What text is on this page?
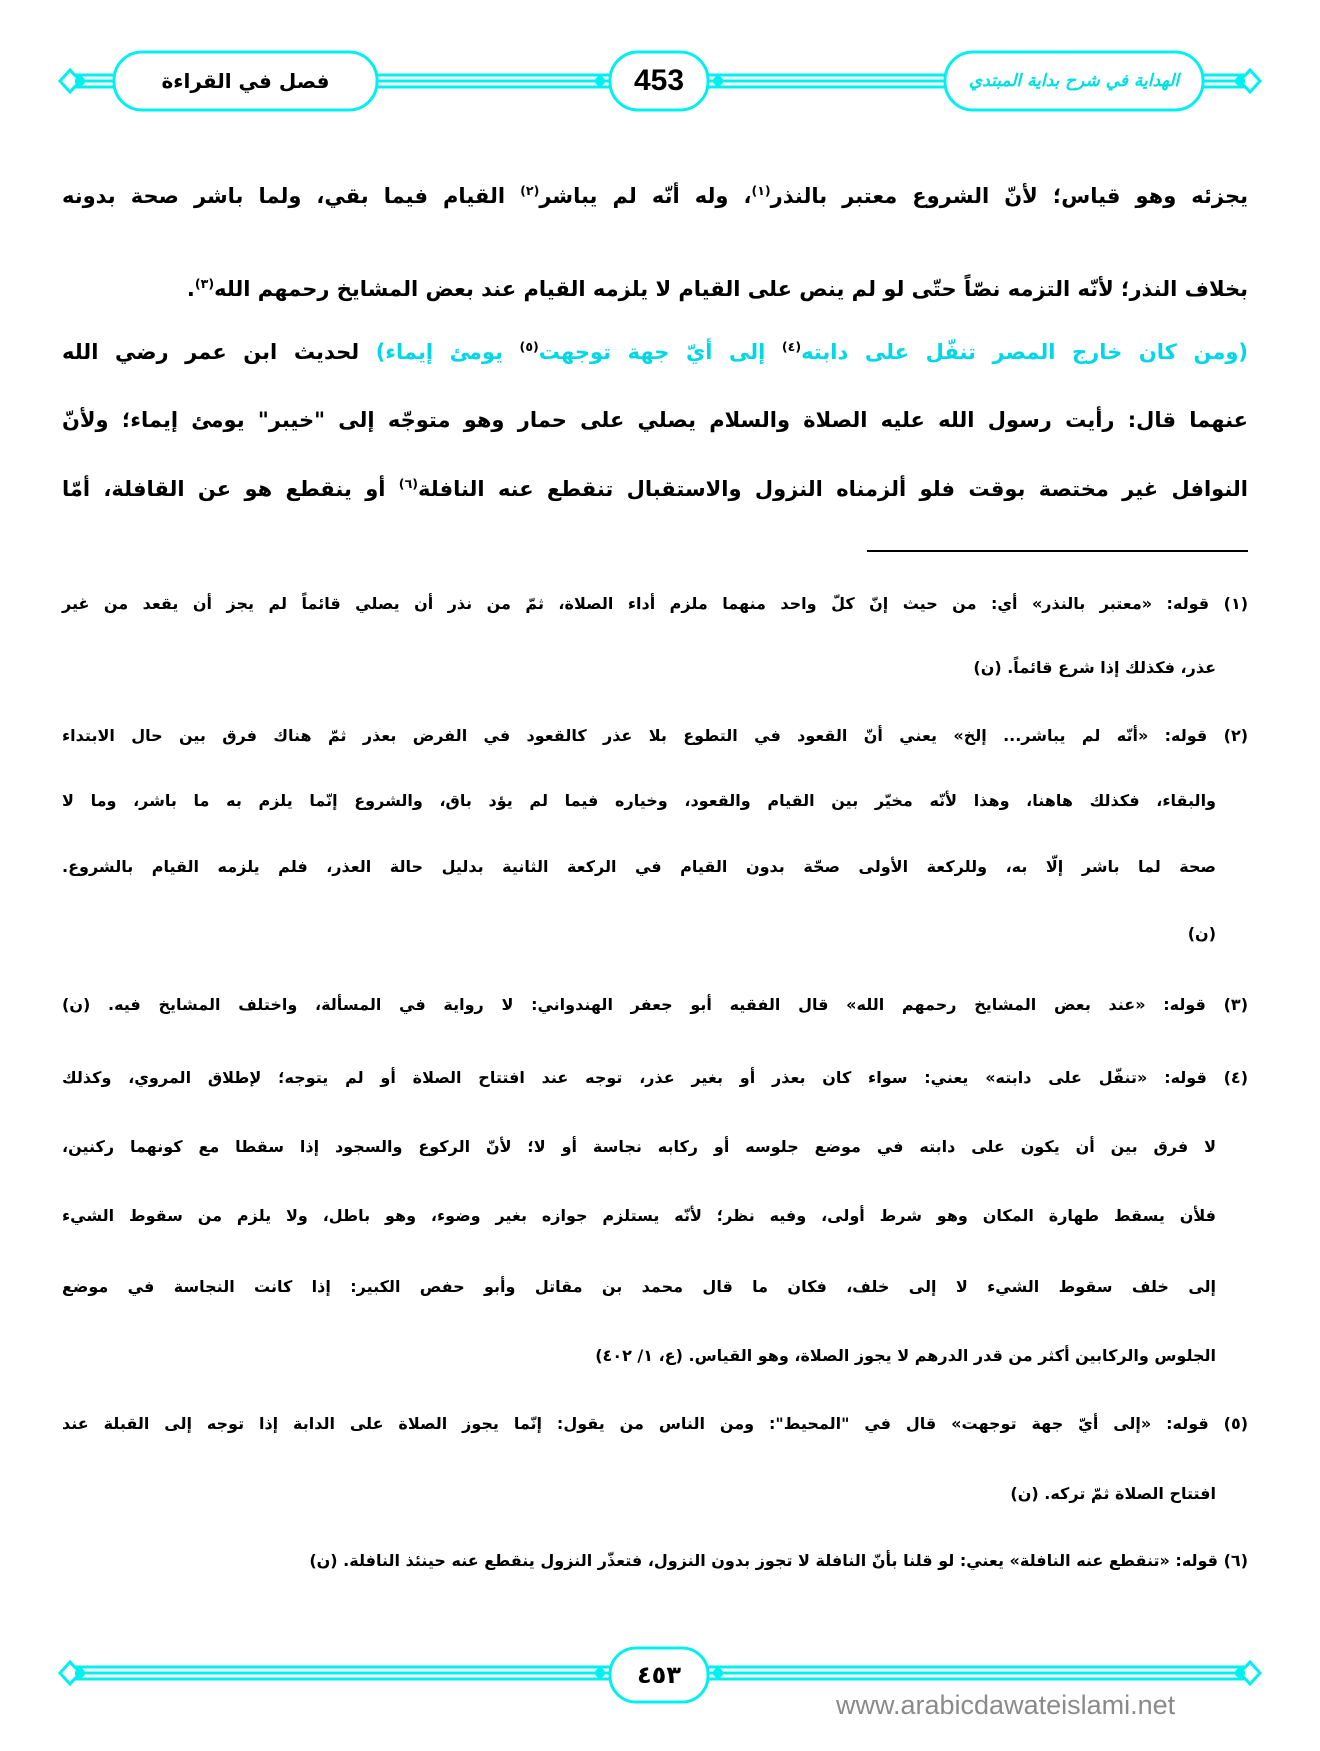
فصل في القراءة	453	الهداية في شرح بداية المبتدي
يجزئه وهو قياس؛ لأنّ الشروع معتبر بالنذر$^{(١)}$، وله أنّه لم يباشر$^{(٢)}$ القيام فيما بقي، ولما باشر صحة بدونه
بخلاف النذر؛ لأنّه التزمه نصّاً حتّى لو لم ينص على القيام لا يلزمه القيام عند بعض المشايخ رحمهم الله$^{(٣)}$.
(ومن كان خارج المصر تنفّل على دابته$^{(٤)}$ إلى أيّ جهة توجهت$^{(٥)}$ يومئ إيماء) لحديث ابن عمر رضي الله
عنهما قال: رأيت رسول الله عليه الصلاة والسلام يصلي على حمار وهو متوجّه إلى "خيبر" يومئ إيماء؛ ولأنّ
النوافل غير مختصة بوقت فلو ألزمناه النزول والاستقبال تنقطع عنه النافلة$^{(٦)}$ أو ينقطع هو عن القافلة، أمّا
(١) قوله: «معتبر بالنذر» أي: من حيث إنّ كلّ واحد منهما ملزم أداء الصلاة، ثمّ من نذر أن يصلي قائماً لم يجز أن يقعد من غير
عذر، فكذلك إذا شرع قائماً. (ن)
(٢) قوله: «أنّه لم يباشر... إلخ» يعني أنّ القعود في التطوع بلا عذر كالقعود في الفرض بعذر ثمّ هناك فرق بين حال الابتداء
والبقاء، فكذلك هاهنا، وهذا لأنّه مخيّر بين القيام والقعود، وخياره فيما لم يؤد باق، والشروع إنّما يلزم به ما باشر، وما لا
صحة لما باشر إلّا به، وللركعة الأولى صحّة بدون القيام في الركعة الثانية بدليل حالة العذر، فلم يلزمه القيام بالشروع.
(ن)
(٣) قوله: «عند بعض المشايخ رحمهم الله» قال الفقيه أبو جعفر الهندواني: لا رواية في المسألة، واختلف المشايخ فيه. (ن)
(٤) قوله: «تنفّل على دابته» يعني: سواء كان بعذر أو بغير عذر، توجه عند افتتاح الصلاة أو لم يتوجه؛ لإطلاق المروي، وكذلك
لا فرق بين أن يكون على دابته في موضع جلوسه أو ركابه نجاسة أو لا؛ لأنّ الركوع والسجود إذا سقطا مع كونهما ركنين،
فلأن يسقط طهارة المكان وهو شرط أولى، وفيه نظر؛ لأنّه يستلزم جوازه بغير وضوء، وهو باطل، ولا يلزم من سقوط الشيء
إلى خلف سقوط الشيء لا إلى خلف، فكان ما قال محمد بن مقاتل وأبو حفص الكبير: إذا كانت النجاسة في موضع
الجلوس والركابين أكثر من قدر الدرهم لا يجوز الصلاة، وهو القياس. (ع، ١/ ٤٠٢)
(٥) قوله: «إلى أيّ جهة توجهت» قال في "المحيط": ومن الناس من يقول: إنّما يجوز الصلاة على الدابة إذا توجه إلى القبلة عند
افتتاح الصلاة ثمّ تركه. (ن)
(٦) قوله: «تنقطع عنه النافلة» يعني: لو قلنا بأنّ النافلة لا تجوز بدون النزول، فتعذّر النزول ينقطع عنه حينئذ النافلة. (ن)
٤٥٣
www.arabicdawateislami.net
